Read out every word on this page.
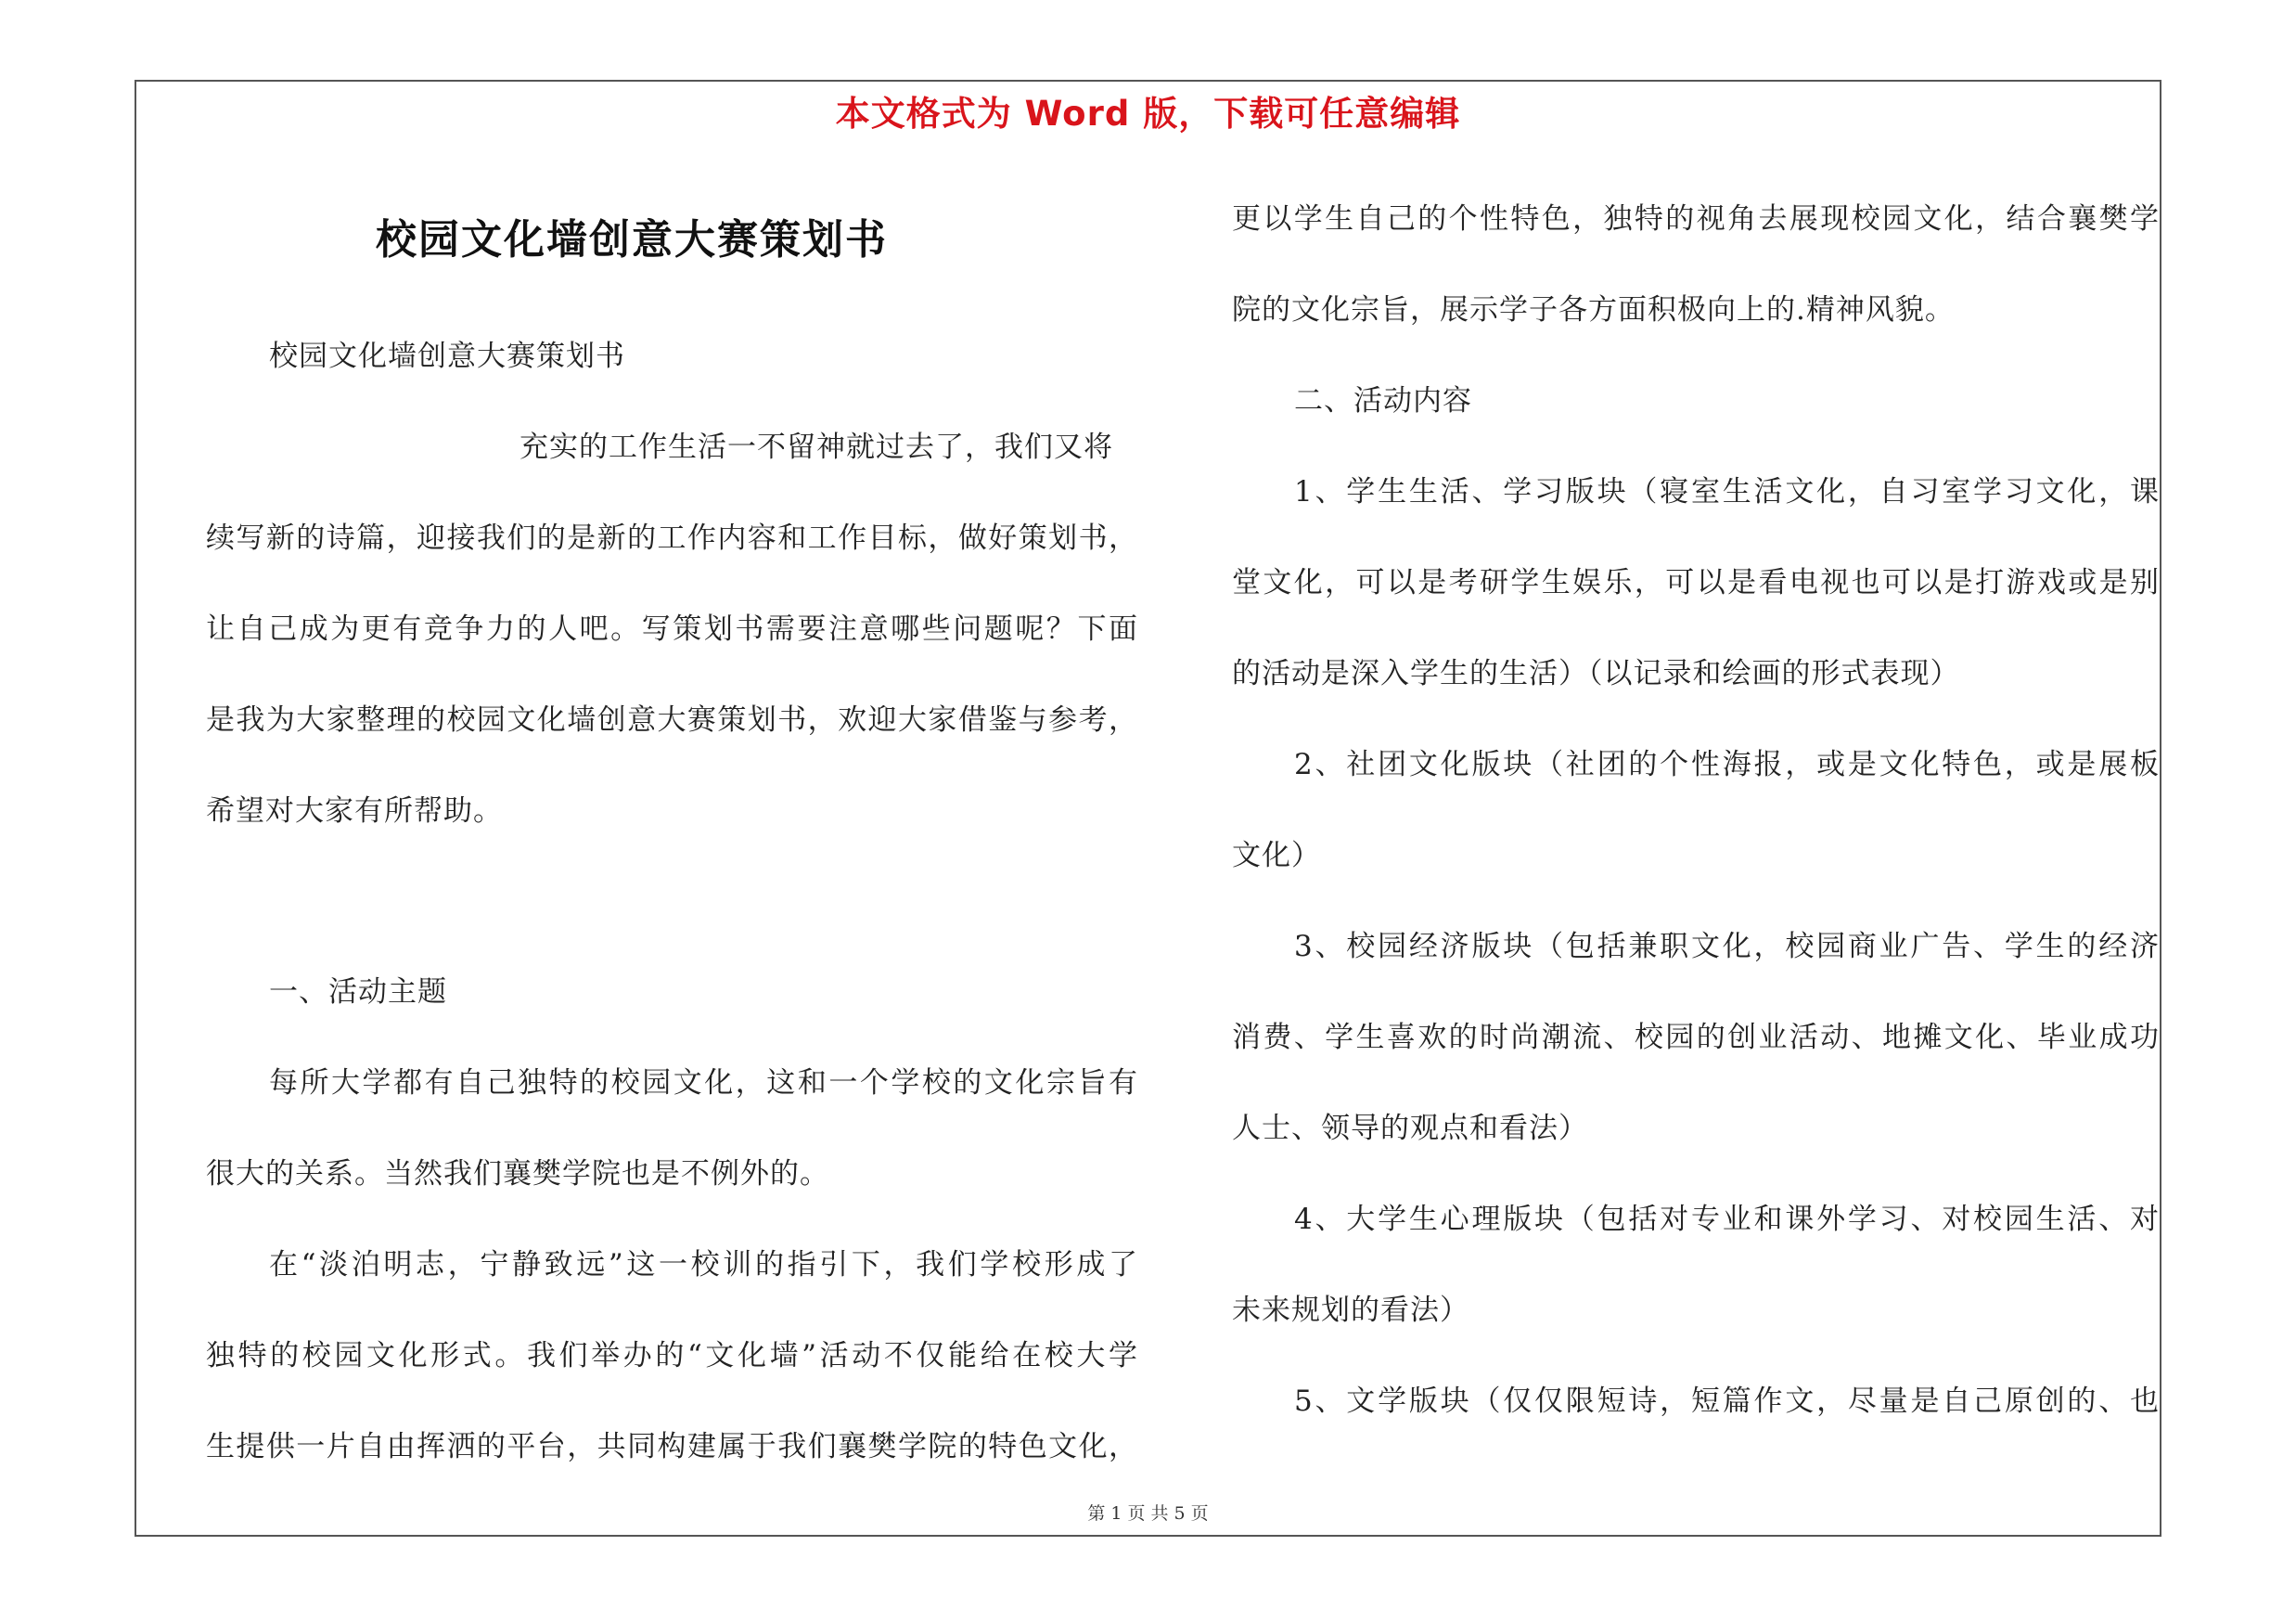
本文格式为 Word 版，下载可任意编辑
校园文化墙创意大赛策划书
校园文化墙创意大赛策划书
充实的工作生活一不留神就过去了，我们又将
续写新的诗篇，迎接我们的是新的工作内容和工作目标，做好策划书，
让自己成为更有竞争力的人吧。写策划书需要注意哪些问题呢？下面
是我为大家整理的校园文化墙创意大赛策划书，欢迎大家借鉴与参考，
希望对大家有所帮助。
一、活动主题
每所大学都有自己独特的校园文化，这和一个学校的文化宗旨有
很大的关系。当然我们襄樊学院也是不例外的。
在“淡泊明志，宁静致远”这一校训的指引下，我们学校形成了
独特的校园文化形式。我们举办的“文化墙”活动不仅能给在校大学
生提供一片自由挥洒的平台，共同构建属于我们襄樊学院的特色文化，
更以学生自己的个性特色，独特的视角去展现校园文化，结合襄樊学
院的文化宗旨，展示学子各方面积极向上的.精神风貌。
二、活动内容
1、学生生活、学习版块（寝室生活文化，自习室学习文化，课
堂文化，可以是考研学生娱乐，可以是看电视也可以是打游戏或是别
的活动是深入学生的生活）（以记录和绘画的形式表现）
2、社团文化版块（社团的个性海报，或是文化特色，或是展板
文化）
3、校园经济版块（包括兼职文化，校园商业广告、学生的经济
消费、学生喜欢的时尚潮流、校园的创业活动、地摊文化、毕业成功
人士、领导的观点和看法）
4、大学生心理版块（包括对专业和课外学习、对校园生活、对
未来规划的看法）
5、文学版块（仅仅限短诗，短篇作文，尽量是自己原创的、也
第 1 页 共 5 页
